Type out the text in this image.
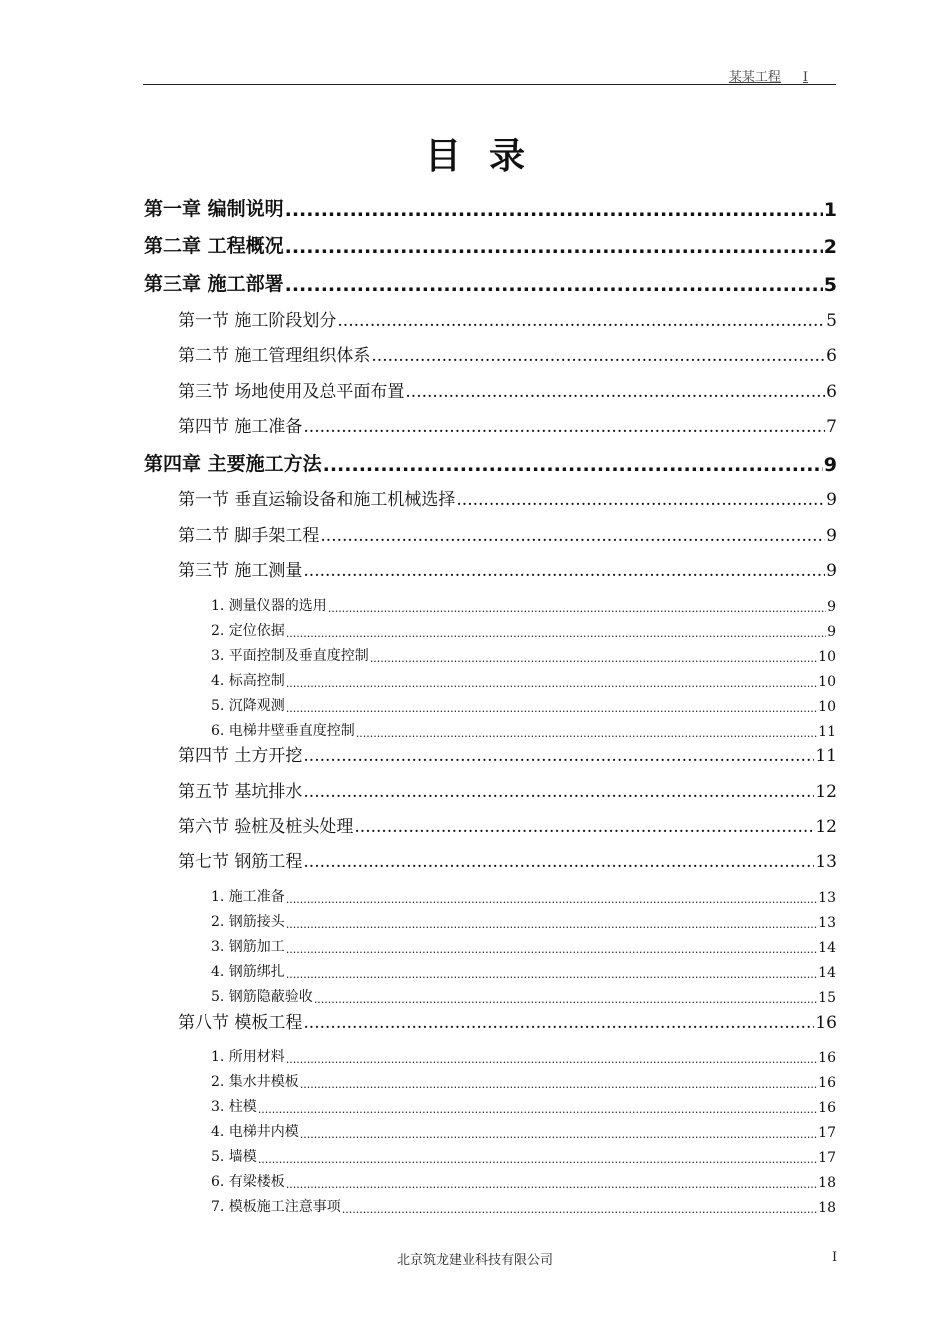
某某工程 I
目录
第一章 编制说明 .....	1
第二章 工程概况 .....	2
第三章 施工部署 .....	5
第一节 施工阶段划分 .....	5
第二节 施工管理组织体系 .....	6
第三节 场地使用及总平面布置 .....	6
第四节 施工准备 .....	7
第四章 主要施工方法 .....	9
第一节 垂直运输设备和施工机械选择 .....	9
第二节 脚手架工程 .....	9
第三节 施工测量 .....	9
1. 测量仪器的选用 .....	9
2. 定位依据 .....	9
3. 平面控制及垂直度控制 .....	10
4. 标高控制 .....	10
5. 沉降观测 .....	10
6. 电梯井壁垂直度控制 .....	11
第四节 土方开挖 .....	11
第五节 基坑排水 .....	12
第六节 验桩及桩头处理 .....	12
第七节 钢筋工程 .....	13
1. 施工准备 .....	13
2. 钢筋接头 .....	13
3. 钢筋加工 .....	14
4. 钢筋绑扎 .....	14
5. 钢筋隐蔽验收 .....	15
第八节 模板工程 .....	16
1. 所用材料 .....	16
2. 集水井模板 .....	16
3. 柱模 .....	16
4. 电梯井内模 .....	17
5. 墙模 .....	17
6. 有梁楼板 .....	18
7. 模板施工注意事项 .....	18
北京筑龙建业科技有限公司	I
